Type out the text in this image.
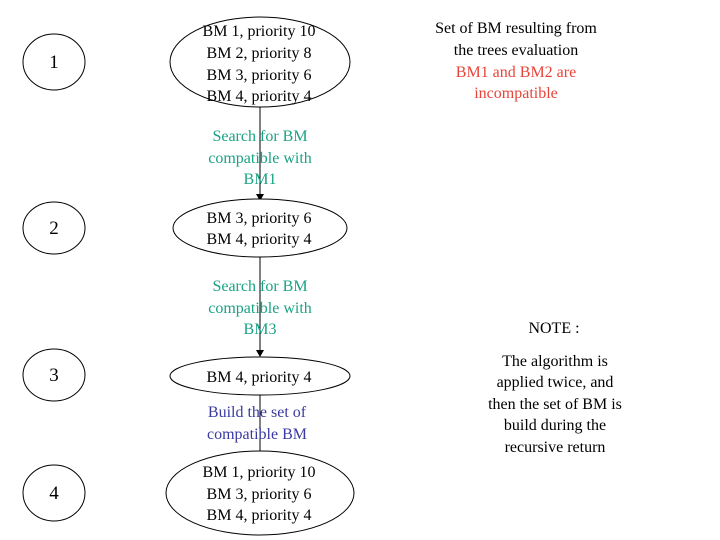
1
2
3
4
BM 1, priority 10
BM 2, priority 8
BM 3, priority 6
BM 4, priority 4
BM 3, priority 6
BM 4, priority 4
BM 4, priority 4
BM 1, priority 10
BM 3, priority 6
BM 4, priority 4
Search for BM
compatible with
BM1
Search for BM
compatible with
BM3
Build the set of
compatible BM
Set of BM resulting from
the trees evaluation
BM1 and BM2 are
incompatible
NOTE :
The algorithm is
applied twice, and
then the set of BM is
build during the
recursive return
